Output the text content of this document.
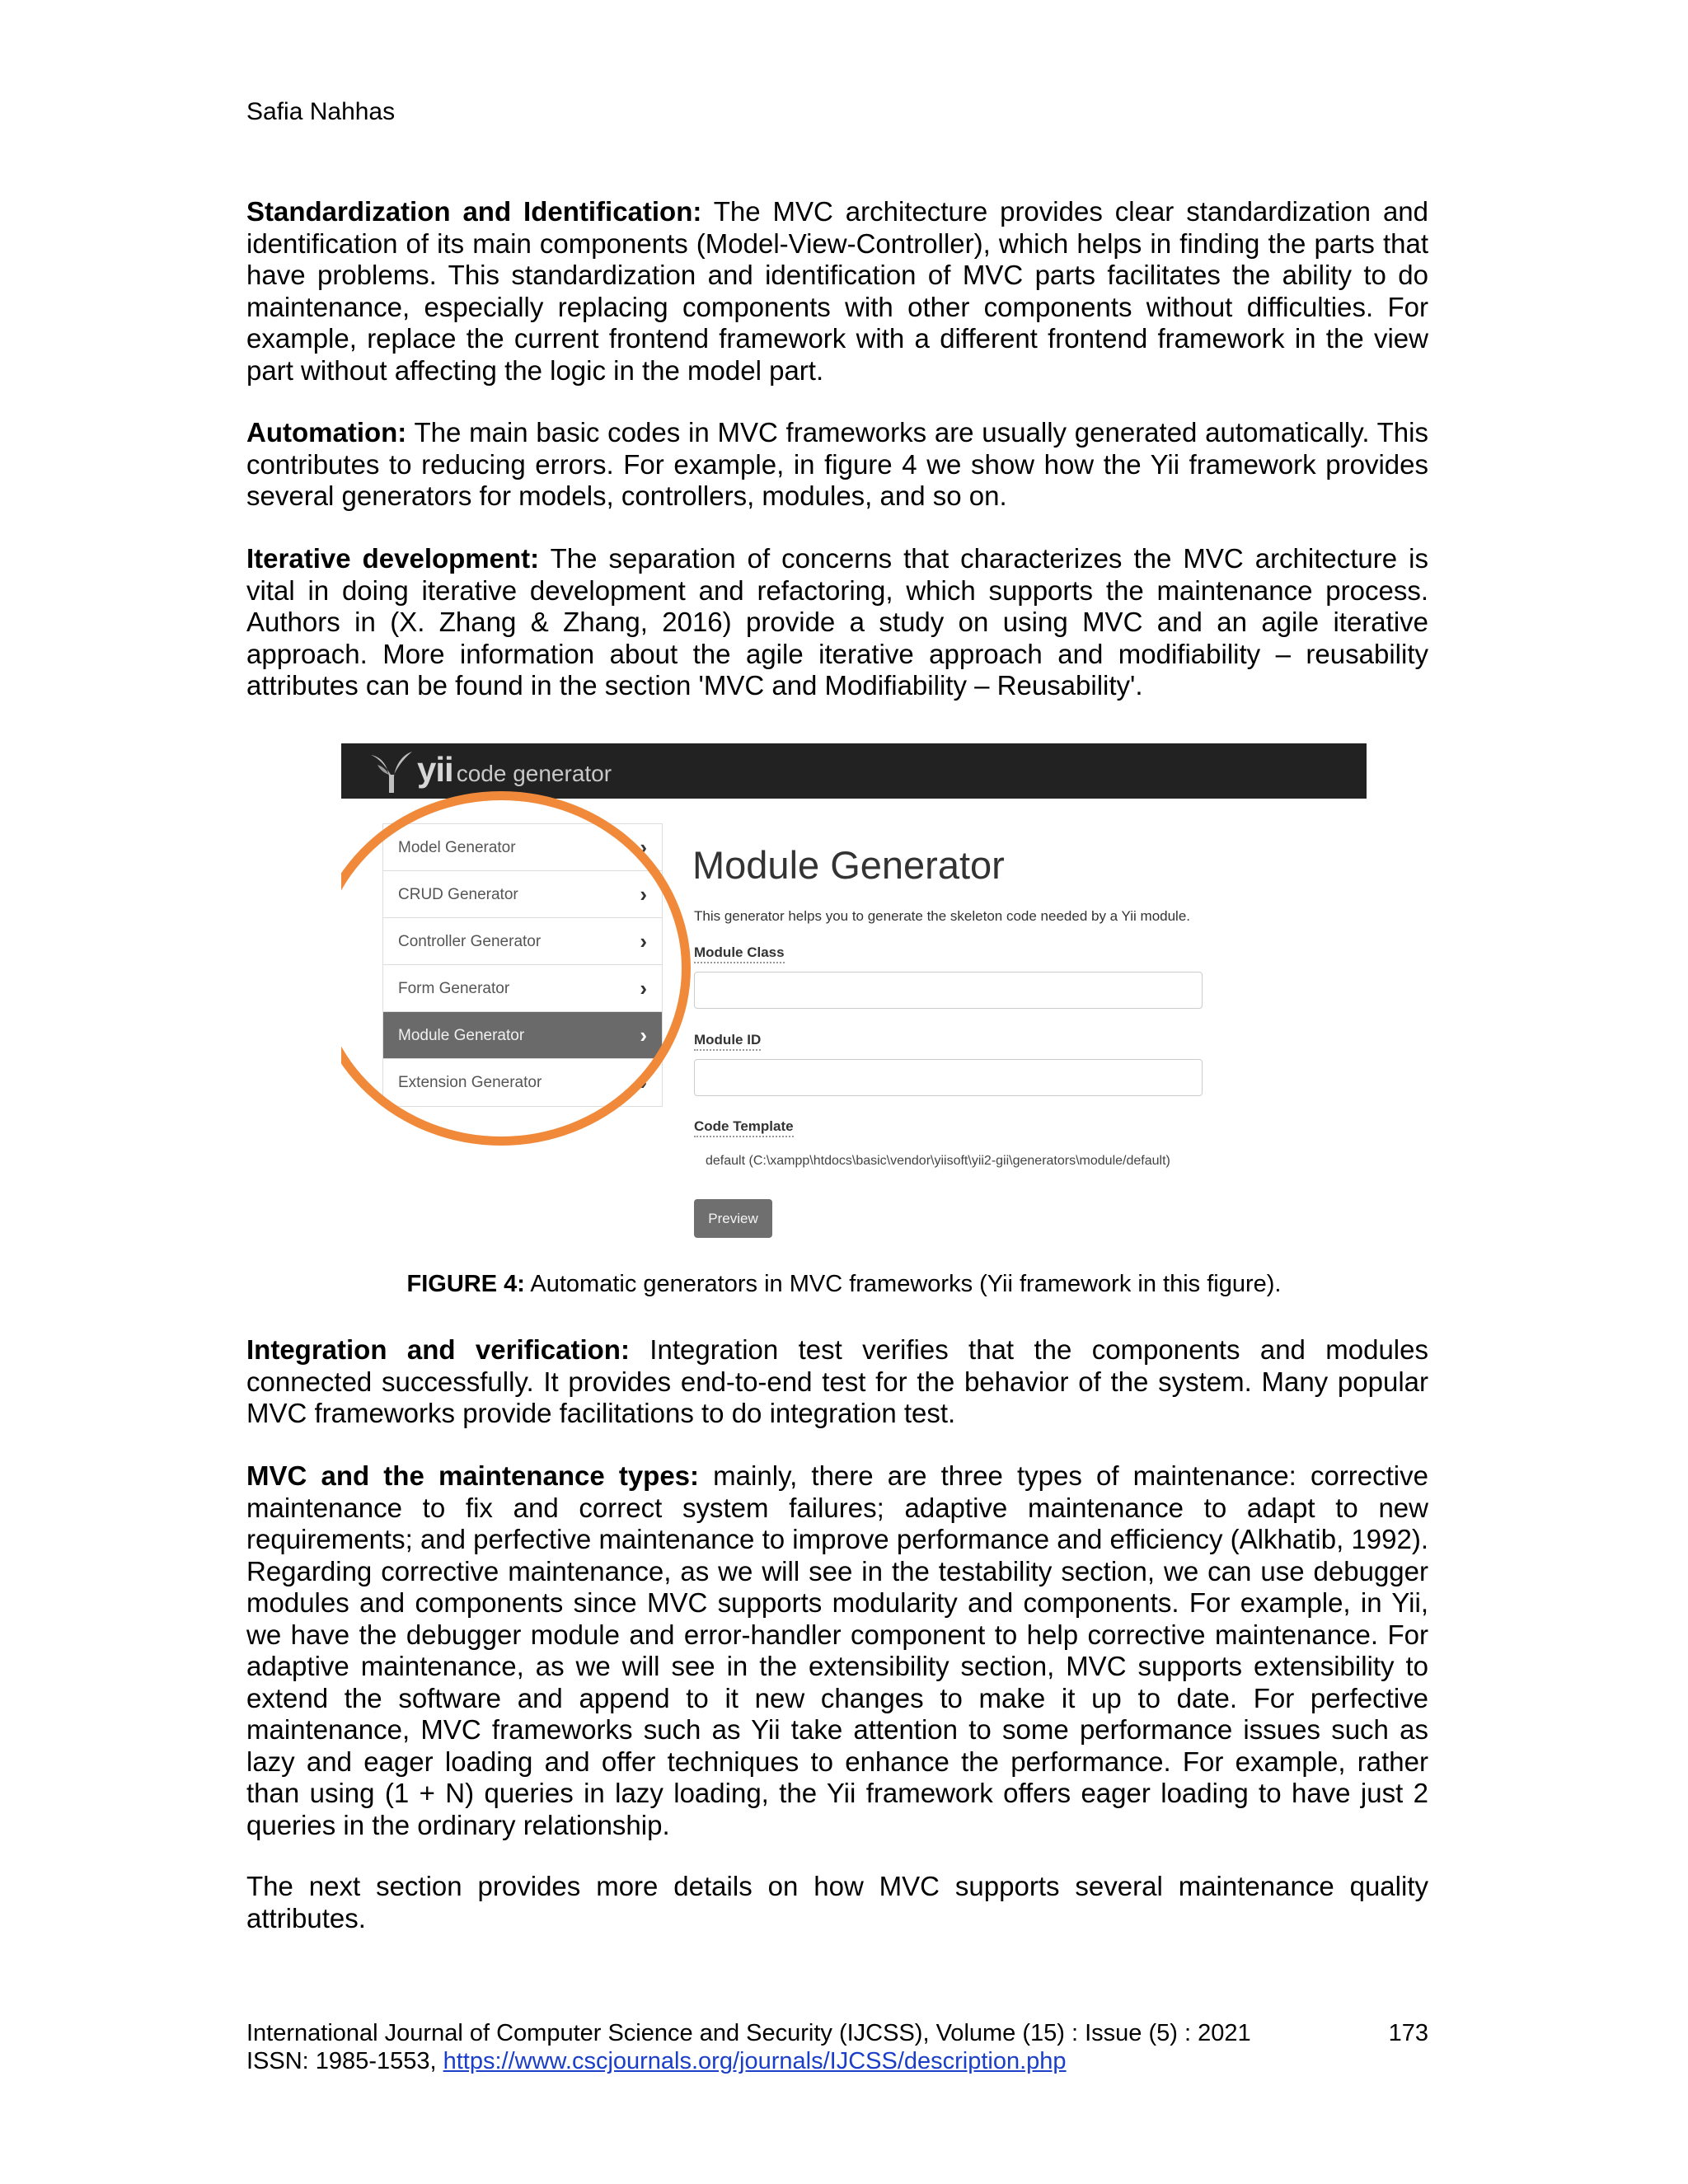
Safia Nahhas

Standardization and Identification: The MVC architecture provides clear standardization and identification of its main components (Model-View-Controller), which helps in finding the parts that have problems. This standardization and identification of MVC parts facilitates the ability to do maintenance, especially replacing components with other components without difficulties. For example, replace the current frontend framework with a different frontend framework in the view part without affecting the logic in the model part.

Automation: The main basic codes in MVC frameworks are usually generated automatically. This contributes to reducing errors. For example, in figure 4 we show how the Yii framework provides several generators for models, controllers, modules, and so on.

Iterative development: The separation of concerns that characterizes the MVC architecture is vital in doing iterative development and refactoring, which supports the maintenance process. Authors in (X. Zhang & Zhang, 2016) provide a study on using MVC and an agile iterative approach. More information about the agile iterative approach and modifiability – reusability attributes can be found in the section 'MVC and Modifiability – Reusability'.

yii code generator
Model Generator	›
CRUD Generator	›
Controller Generator	›
Form Generator	›
Module Generator	›
Extension Generator	›
Module Generator
This generator helps you to generate the skeleton code needed by a Yii module.
Module Class
Module ID
Code Template
default (C:\xampp\htdocs\basic\vendor\yiisoft\yii2-gii\generators\module/default)
Preview
FIGURE 4: Automatic generators in MVC frameworks (Yii framework in this figure).

Integration and verification: Integration test verifies that the components and modules connected successfully. It provides end-to-end test for the behavior of the system. Many popular MVC frameworks provide facilitations to do integration test.

MVC and the maintenance types: mainly, there are three types of maintenance: corrective maintenance to fix and correct system failures; adaptive maintenance to adapt to new requirements; and perfective maintenance to improve performance and efficiency (Alkhatib, 1992). Regarding corrective maintenance, as we will see in the testability section, we can use debugger modules and components since MVC supports modularity and components. For example, in Yii, we have the debugger module and error-handler component to help corrective maintenance. For adaptive maintenance, as we will see in the extensibility section, MVC supports extensibility to extend the software and append to it new changes to make it up to date. For perfective maintenance, MVC frameworks such as Yii take attention to some performance issues such as lazy and eager loading and offer techniques to enhance the performance. For example, rather than using (1 + N) queries in lazy loading, the Yii framework offers eager loading to have just 2 queries in the ordinary relationship.

The next section provides more details on how MVC supports several maintenance quality attributes.

International Journal of Computer Science and Security (IJCSS), Volume (15) : Issue (5) : 2021	173
ISSN: 1985-1553, https://www.cscjournals.org/journals/IJCSS/description.php
